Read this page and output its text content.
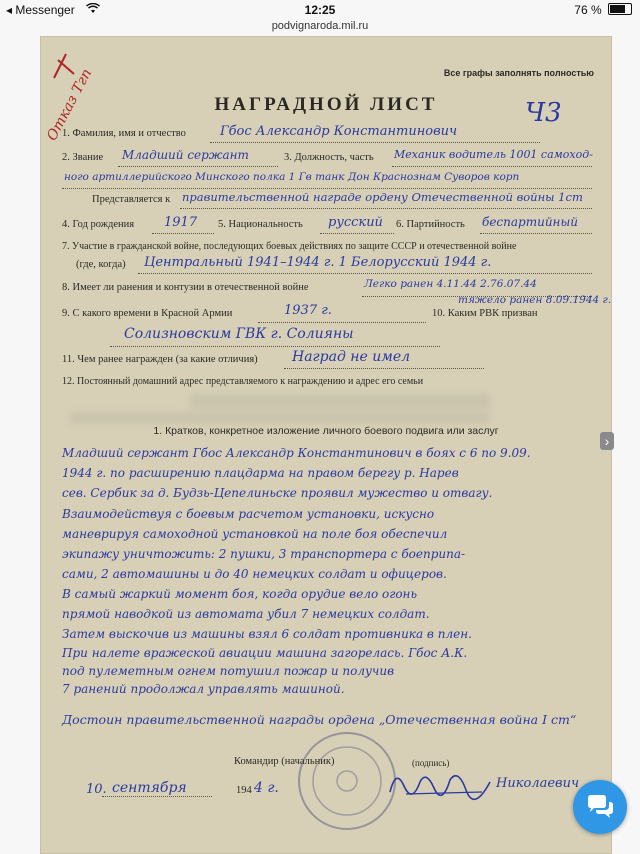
◂ Messenger	12:25	76 %
podvignaroda.mil.ru
Все графы заполнять полностью
Отказ Тгп	НАГРАДНОЙ ЛИСТ	Ч3
1. Фамилия, имя и отчество	Гбос Александр Константинович
2. Звание Младший сержант	3. Должность, часть Механик водитель 1001 самоход-
ного артиллерийского Минского полка 1 Гв танк Дон Краснознам Суворов корп
Представляется к правительственной награде ордену Отечественной войны 1ст
4. Год рождения 1917 5. Национальность русский 6. Партийность беспартийный
7. Участие в гражданской войне, последующих боевых действиях по защите СССР и отечественной войне
(где, когда) Центральный 1941–1944 г. 1 Белорусский 1944 г.
8. Имеет ли ранения и контузии в отечественной войне	Легко ранен 4.11.44 2.76.07.44
тяжело ранен 8.09.1944 г.
9. С какого времени в Красной Армии	1937 г.	10. Каким РВК призван
Солизновским ГВК г. Солияны
11. Чем ранее награжден (за какие отличия) Наград не имел
12. Постоянный домашний адрес представляемого к награждению и адрес его семьи
1. Кратков, конкретное изложение личного боевого подвига или заслуг
Младший сержант Гбос Александр Константинович в боях с 6 по 9.09.
1944 г. по расширению плацдарма на правом берегу р. Нарев
сев. Сербик за д. Будзь-Цепелиньске проявил мужество и отвагу.
Взаимодействуя с боевым расчетом установки, искусно
маневрируя самоходной установкой на поле боя обеспечил
экипажу уничтожить: 2 пушки, 3 транспортера с боеприпа-
сами, 2 автомашины и до 40 немецких солдат и офицеров.
В самый жаркий момент боя, когда орудие вело огонь
прямой наводкой из автомата убил 7 немецких солдат.
Затем выскочив из машины взял 6 солдат противника в плен.
При налете вражеской авиации машина загорелась. Гбос А.К.
под пулеметным огнем потушил пожар и получив
7 ранений продолжал управлять машиной.
Достоин правительственной награды ордена „Отечественная война I ст“
Командир (начальник)	(подпись)
10. сентября	194 4 г.	Николаевич
›
